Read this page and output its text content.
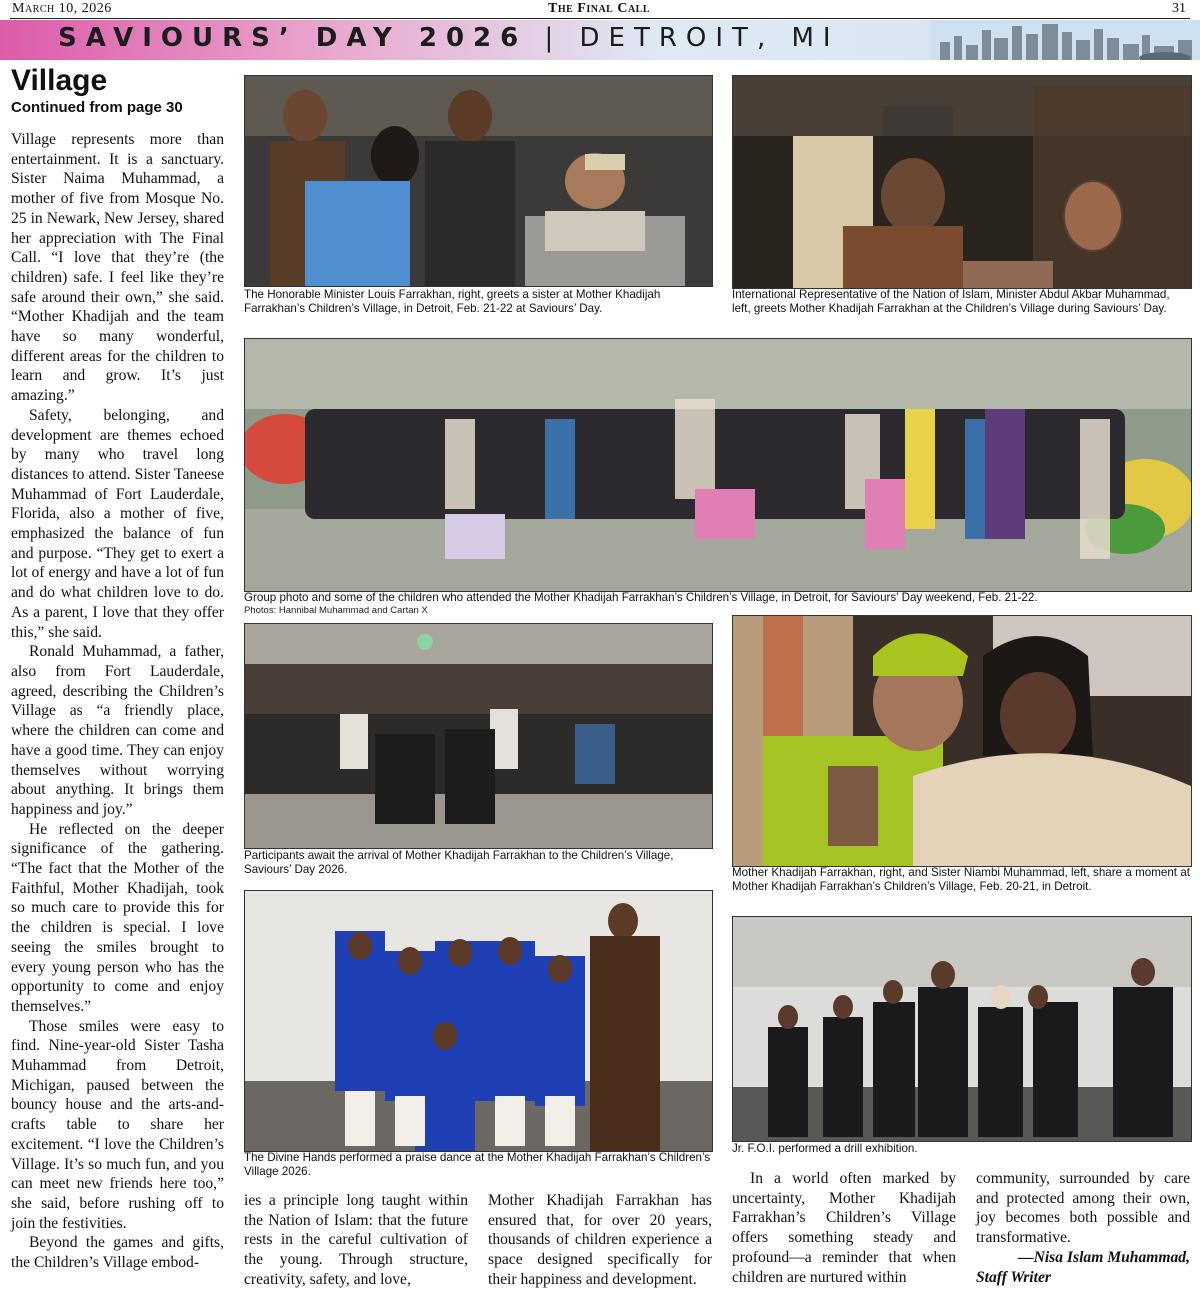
March 10, 2026	The Final Call	31
SAVIOURS’ DAY 2026 | DETROIT, MI
Village
Continued from page 30

Village represents more than entertainment. It is a sanctuary. Sister Naima Muhammad, a mother of five from Mosque No. 25 in Newark, New Jersey, shared her appreciation with The Final Call. “I love that they’re (the children) safe. I feel like they’re safe around their own,” she said. “Mother Khadijah and the team have so many wonderful, different areas for the children to learn and grow. It’s just amazing.”

Safety, belonging, and development are themes echoed by many who travel long distances to attend. Sister Taneese Muhammad of Fort Lauderdale, Florida, also a mother of five, emphasized the balance of fun and purpose. “They get to exert a lot of energy and have a lot of fun and do what children love to do. As a parent, I love that they offer this,” she said.

Ronald Muhammad, a father, also from Fort Lauderdale, agreed, describing the Children’s Village as “a friendly place, where the children can come and have a good time. They can enjoy themselves without worrying about anything. It brings them happiness and joy.”

He reflected on the deeper significance of the gathering. “The fact that the Mother of the Faithful, Mother Khadijah, took so much care to provide this for the children is special. I love seeing the smiles brought to every young person who has the opportunity to come and enjoy themselves.”

Those smiles were easy to find. Nine-year-old Sister Tasha Muhammad from Detroit, Michigan, paused between the bouncy house and the arts-and-crafts table to share her excitement. “I love the Children’s Village. It’s so much fun, and you can meet new friends here too,” she said, before rushing off to join the festivities.

Beyond the games and gifts, the Children’s Village embod-

The Honorable Minister Louis Farrakhan, right, greets a sister at Mother Khadijah Farrakhan’s Children’s Village, in Detroit, Feb. 21-22 at Saviours’ Day.
International Representative of the Nation of Islam, Minister Abdul Akbar Muhammad, left, greets Mother Khadijah Farrakhan at the Children’s Village during Saviours’ Day.
Group photo and some of the children who attended the Mother Khadijah Farrakhan’s Children’s Village, in Detroit, for Saviours’ Day weekend, Feb. 21-22.
Photos: Hannibal Muhammad and Cartan X
Participants await the arrival of Mother Khadijah Farrakhan to the Children’s Village, Saviours’ Day 2026.	Mother Khadijah Farrakhan, right, and Sister Niambi Muhammad, left, share a moment at Mother Khadijah Farrakhan’s Children’s Village, Feb. 20-21, in Detroit.
The Divine Hands performed a praise dance at the Mother Khadijah Farrakhan’s Children’s Village 2026.
Jr. F.O.I. performed a drill exhibition.

ies a principle long taught within the Nation of Islam: that the future rests in the careful cultivation of the young. Through structure, creativity, safety, and love,

Mother Khadijah Farrakhan has ensured that, for over 20 years, thousands of children experience a space designed specifically for their happiness and development.

In a world often marked by uncertainty, Mother Khadijah Farrakhan’s Children’s Village offers something steady and profound—a reminder that when children are nurtured within

community, surrounded by care and protected among their own, joy becomes both possible and transformative.

—Nisa Islam Muhammad,

Staff Writer
